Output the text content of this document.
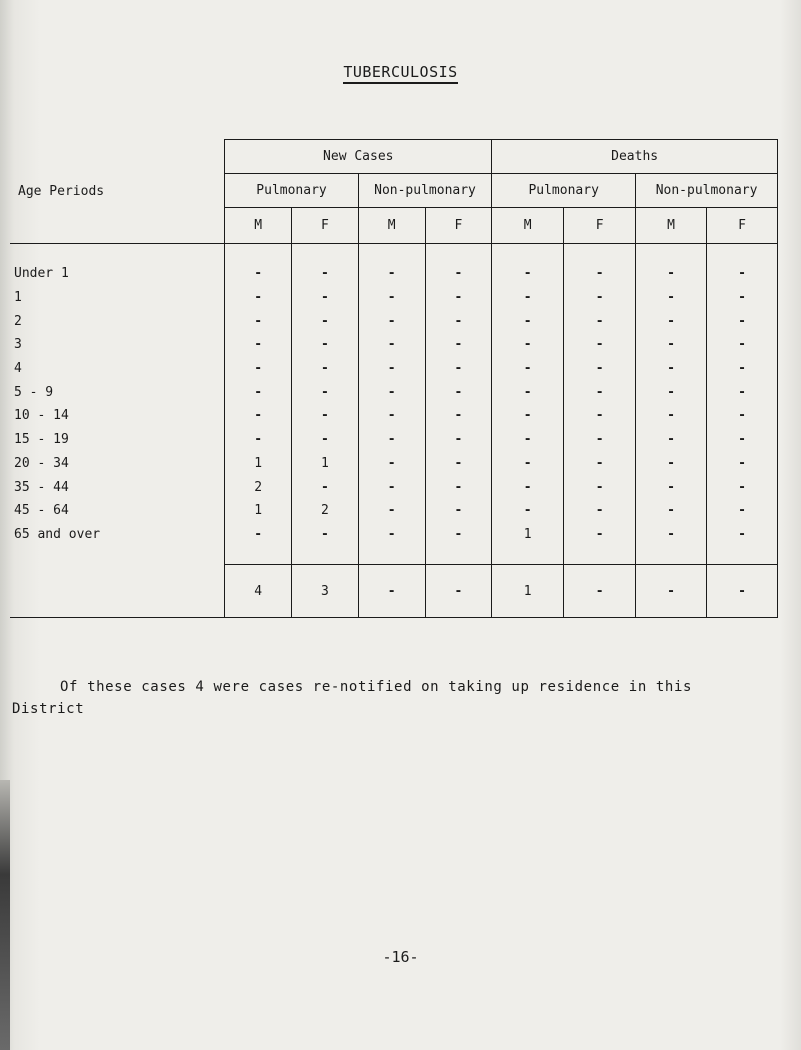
TUBERCULOSIS
Age Periods	New Cases				Deaths			
	Pulmonary		Non-pulmonary		Pulmonary		Non-pulmonary	
	M	F	M	F	M	F	M	F

Under 1	-	-	-	-	-	-	-	-
1	-	-	-	-	-	-	-	-
2	-	-	-	-	-	-	-	-
3	-	-	-	-	-	-	-	-
4	-	-	-	-	-	-	-	-
5 - 9	-	-	-	-	-	-	-	-
10 - 14	-	-	-	-	-	-	-	-
15 - 19	-	-	-	-	-	-	-	-
20 - 34	1	1	-	-	-	-	-	-
35 - 44	2	-	-	-	-	-	-	-
45 - 64	1	2	-	-	-	-	-	-
65 and over	-	-	-	-	1	-	-	-

	4	3	-	-	1	-	-	-
Of these cases 4 were cases re-notified on taking up residence in this
District
-16-
